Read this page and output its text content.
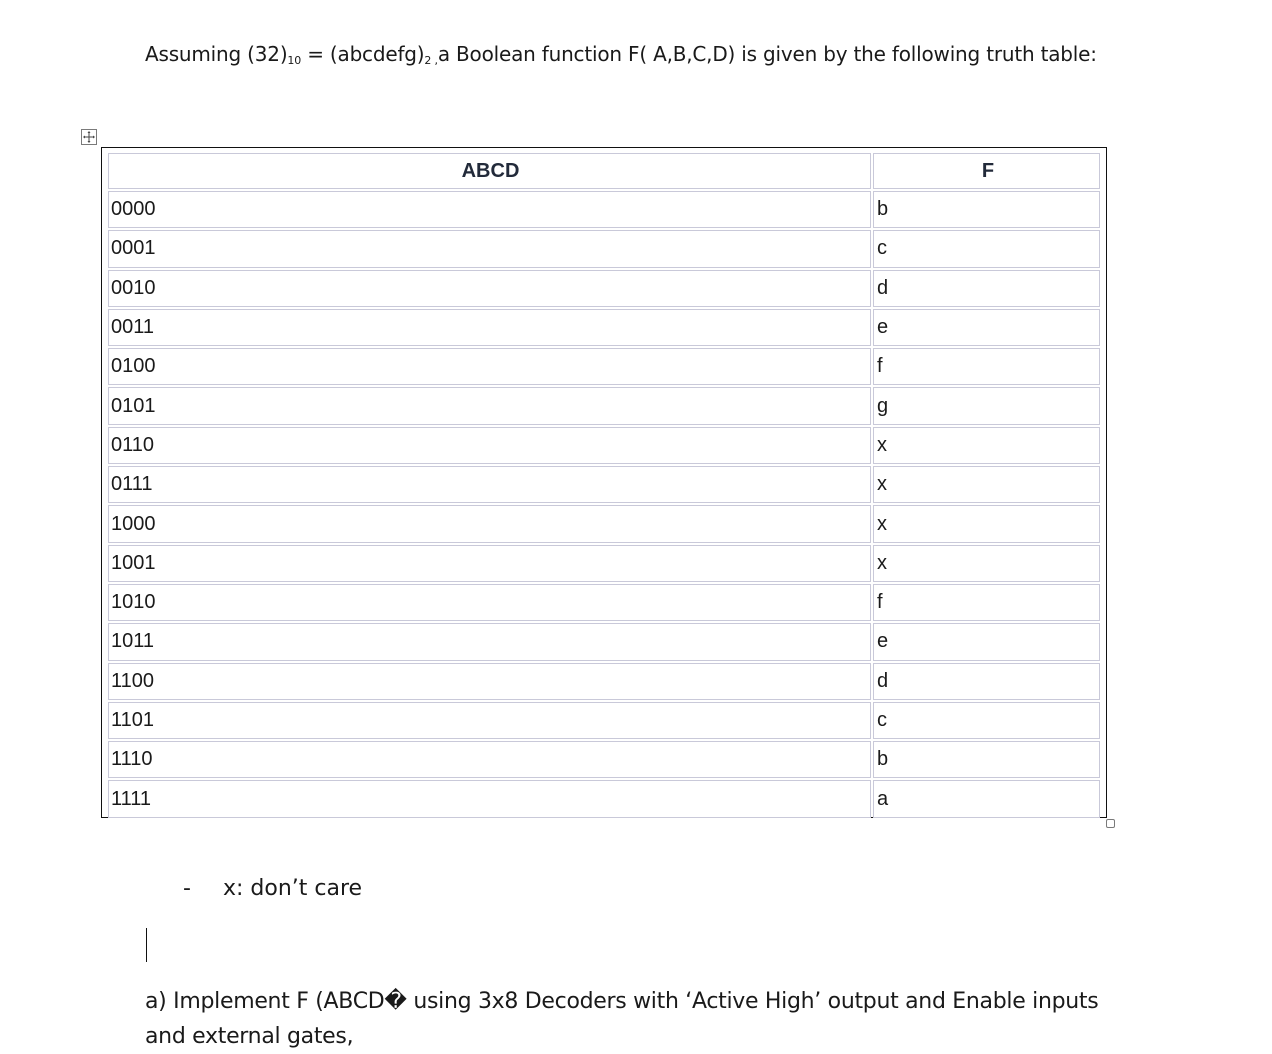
Assuming $(32)_{10}$ = $(abcdefg)_{2 ,}a$ Boolean function F( A,B,C,D) is given by the following truth table:
ABCD	F
0000	b
0001	c
0010	d
0011	e
0100	f
0101	g
0110	x
0111	x
1000	x
1001	x
1010	f
1011	e
1100	d
1101	c
1110	b
1111	a
- x: don’t care
a) Implement F (ABCD� using 3x8 Decoders with ‘Active High’ output and Enable inputs and external gates,
